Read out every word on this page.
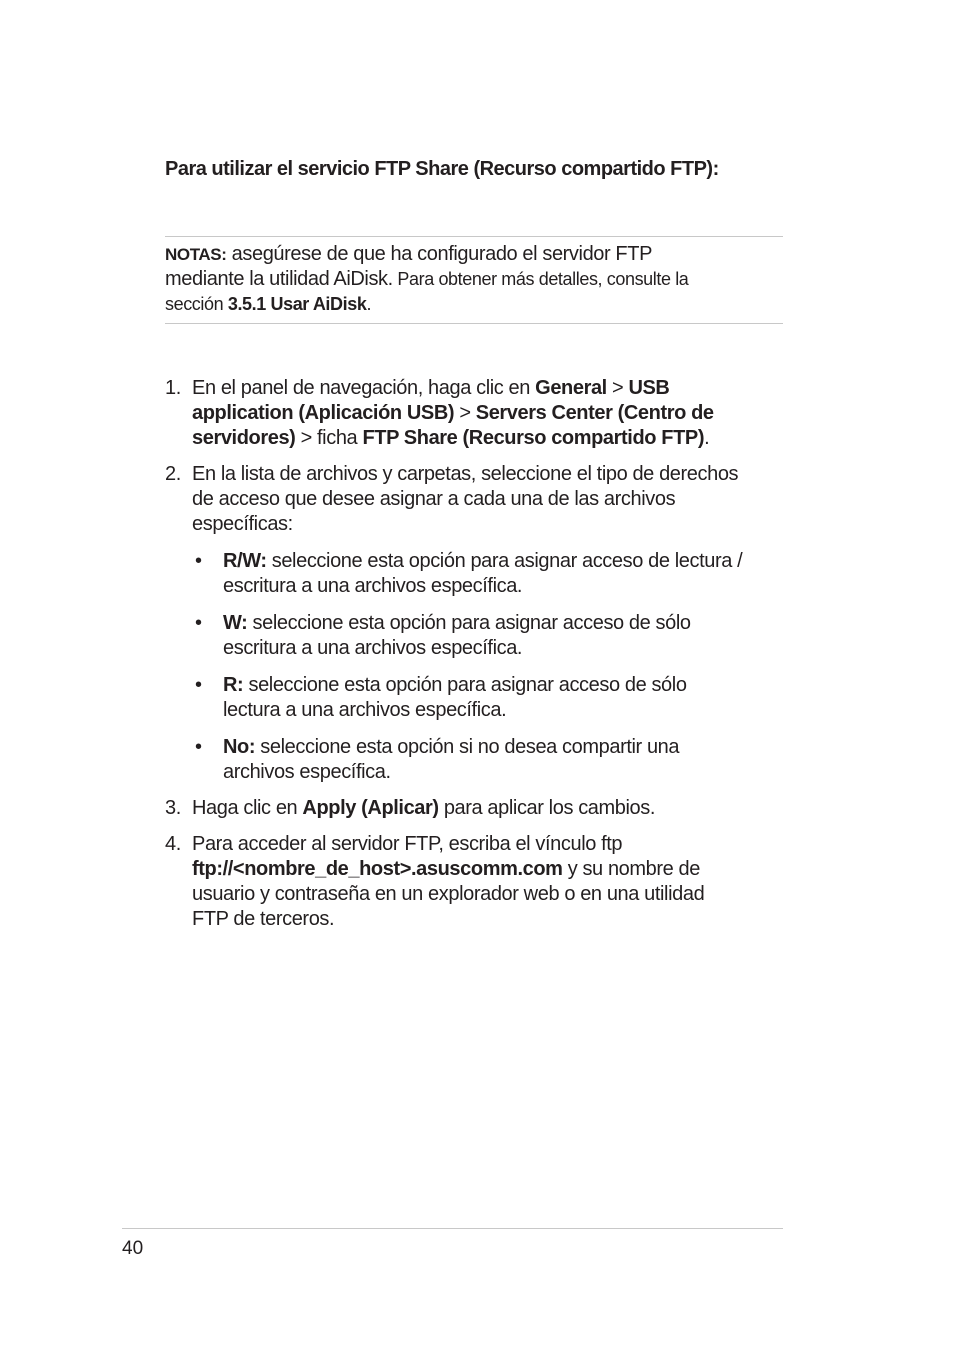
Para utilizar el servicio FTP Share (Recurso compartido FTP):
NOTAS: asegúrese de que ha configurado el servidor FTP
mediante la utilidad AiDisk. Para obtener más detalles, consulte la
sección 3.5.1 Usar AiDisk.
1. En el panel de navegación, haga clic en General > USB
application (Aplicación USB) > Servers Center (Centro de
servidores) > ficha FTP Share (Recurso compartido FTP).
2. En la lista de archivos y carpetas, seleccione el tipo de derechos
de acceso que desee asignar a cada una de las archivos
específicas:
• R/W: seleccione esta opción para asignar acceso de lectura /
escritura a una archivos específica.
• W: seleccione esta opción para asignar acceso de sólo
escritura a una archivos específica.
• R: seleccione esta opción para asignar acceso de sólo
lectura a una archivos específica.
• No: seleccione esta opción si no desea compartir una
archivos específica.
3. Haga clic en Apply (Aplicar) para aplicar los cambios.
4. Para acceder al servidor FTP, escriba el vínculo ftp
ftp://<nombre_de_host>.asuscomm.com y su nombre de
usuario y contraseña en un explorador web o en una utilidad
FTP de terceros.
40
